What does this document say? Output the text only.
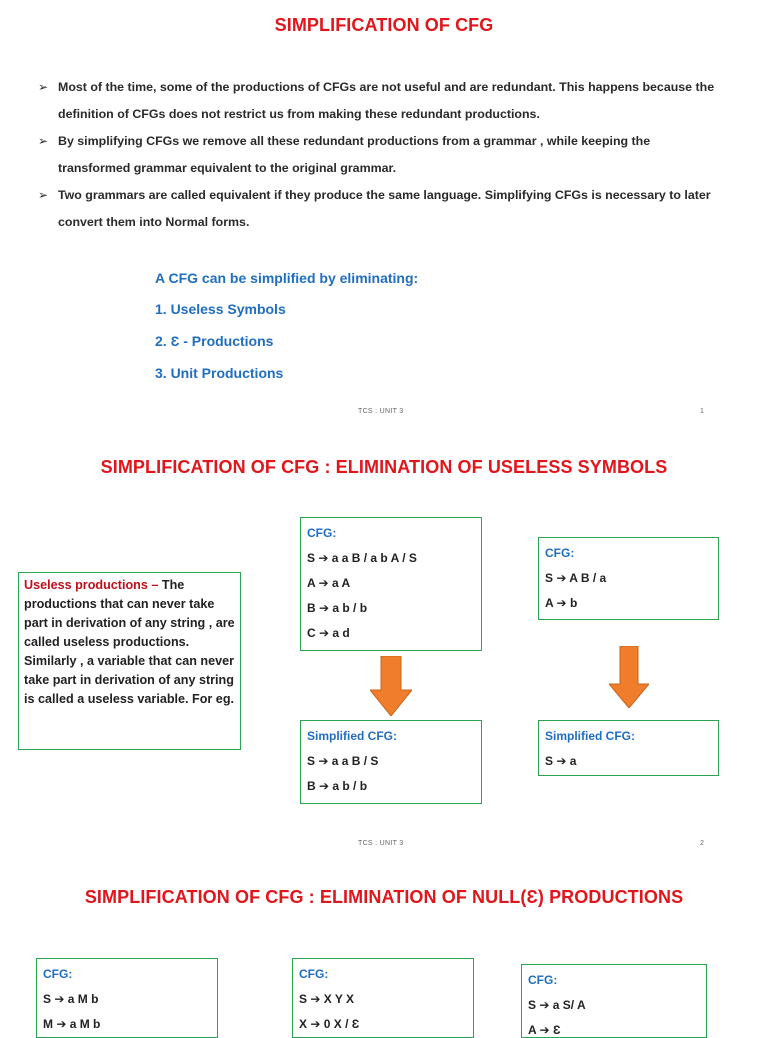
SIMPLIFICATION OF CFG
➢ Most of the time, some of the productions of CFGs are not useful and are redundant. This happens because the
definition of CFGs does not restrict us from making these redundant productions.
➢ By simplifying CFGs we remove all these redundant productions from a grammar , while keeping the
transformed grammar equivalent to the original grammar.
➢ Two grammars are called equivalent if they produce the same language. Simplifying CFGs is necessary to later
convert them into Normal forms.
A CFG can be simplified by eliminating:
1. Useless Symbols
2. Ɛ - Productions
3. Unit Productions
TCS : UNIT 3	1
SIMPLIFICATION OF CFG : ELIMINATION OF USELESS SYMBOLS
Useless productions – The productions that can never take part in derivation of any string , are called useless productions. Similarly , a variable that can never take part in derivation of any string is called a useless variable. For eg.
CFG:
S ➔ a a B / a b A / S
A ➔ a A
B ➔ a b / b
C ➔ a d
CFG:
S ➔ A B / a
A ➔ b
Simplified CFG:
S ➔ a a B / S
B ➔ a b / b
Simplified CFG:
S ➔ a
TCS : UNIT 3	2
SIMPLIFICATION OF CFG : ELIMINATION OF NULL(Ɛ) PRODUCTIONS
CFG:
S ➔ a M b
M ➔ a M b
CFG:
S ➔ X Y X
X ➔ 0 X / Ɛ
CFG:
S ➔ a S/ A
A ➔ Ɛ
